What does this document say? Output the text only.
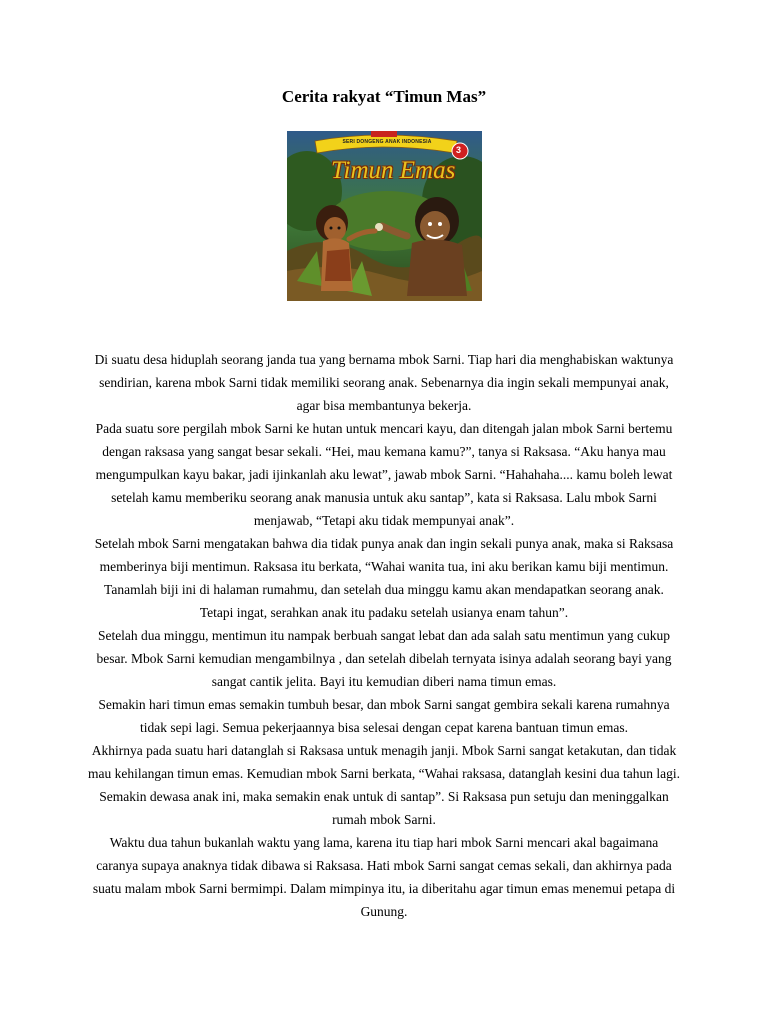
Cerita rakyat “Timun Mas”
SERI DONGENG ANAK INDONESIA
Timun Emas
3

Di suatu desa hiduplah seorang janda tua yang bernama mbok Sarni. Tiap hari dia menghabiskan waktunya sendirian, karena mbok Sarni tidak memiliki seorang anak. Sebenarnya dia ingin sekali mempunyai anak, agar bisa membantunya bekerja.

Pada suatu sore pergilah mbok Sarni ke hutan untuk mencari kayu, dan ditengah jalan mbok Sarni bertemu dengan raksasa yang sangat besar sekali. “Hei, mau kemana kamu?”, tanya si Raksasa. “Aku hanya mau mengumpulkan kayu bakar, jadi ijinkanlah aku lewat”, jawab mbok Sarni. “Hahahaha.... kamu boleh lewat setelah kamu memberiku seorang anak manusia untuk aku santap”, kata si Raksasa. Lalu mbok Sarni menjawab, “Tetapi aku tidak mempunyai anak”.

Setelah mbok Sarni mengatakan bahwa dia tidak punya anak dan ingin sekali punya anak, maka si Raksasa memberinya biji mentimun. Raksasa itu berkata, “Wahai wanita tua, ini aku berikan kamu biji mentimun. Tanamlah biji ini di halaman rumahmu, dan setelah dua minggu kamu akan mendapatkan seorang anak. Tetapi ingat, serahkan anak itu padaku setelah usianya enam tahun”.

Setelah dua minggu, mentimun itu nampak berbuah sangat lebat dan ada salah satu mentimun yang cukup besar. Mbok Sarni kemudian mengambilnya , dan setelah dibelah ternyata isinya adalah seorang bayi yang sangat cantik jelita. Bayi itu kemudian diberi nama timun emas.

Semakin hari timun emas semakin tumbuh besar, dan mbok Sarni sangat gembira sekali karena rumahnya tidak sepi lagi. Semua pekerjaannya bisa selesai dengan cepat karena bantuan timun emas.

Akhirnya pada suatu hari datanglah si Raksasa untuk menagih janji. Mbok Sarni sangat ketakutan, dan tidak mau kehilangan timun emas. Kemudian mbok Sarni berkata, “Wahai raksasa, datanglah kesini dua tahun lagi. Semakin dewasa anak ini, maka semakin enak untuk di santap”. Si Raksasa pun setuju dan meninggalkan rumah mbok Sarni.

Waktu dua tahun bukanlah waktu yang lama, karena itu tiap hari mbok Sarni mencari akal bagaimana caranya supaya anaknya tidak dibawa si Raksasa. Hati mbok Sarni sangat cemas sekali, dan akhirnya pada suatu malam mbok Sarni bermimpi. Dalam mimpinya itu, ia diberitahu agar timun emas menemui petapa di Gunung.
